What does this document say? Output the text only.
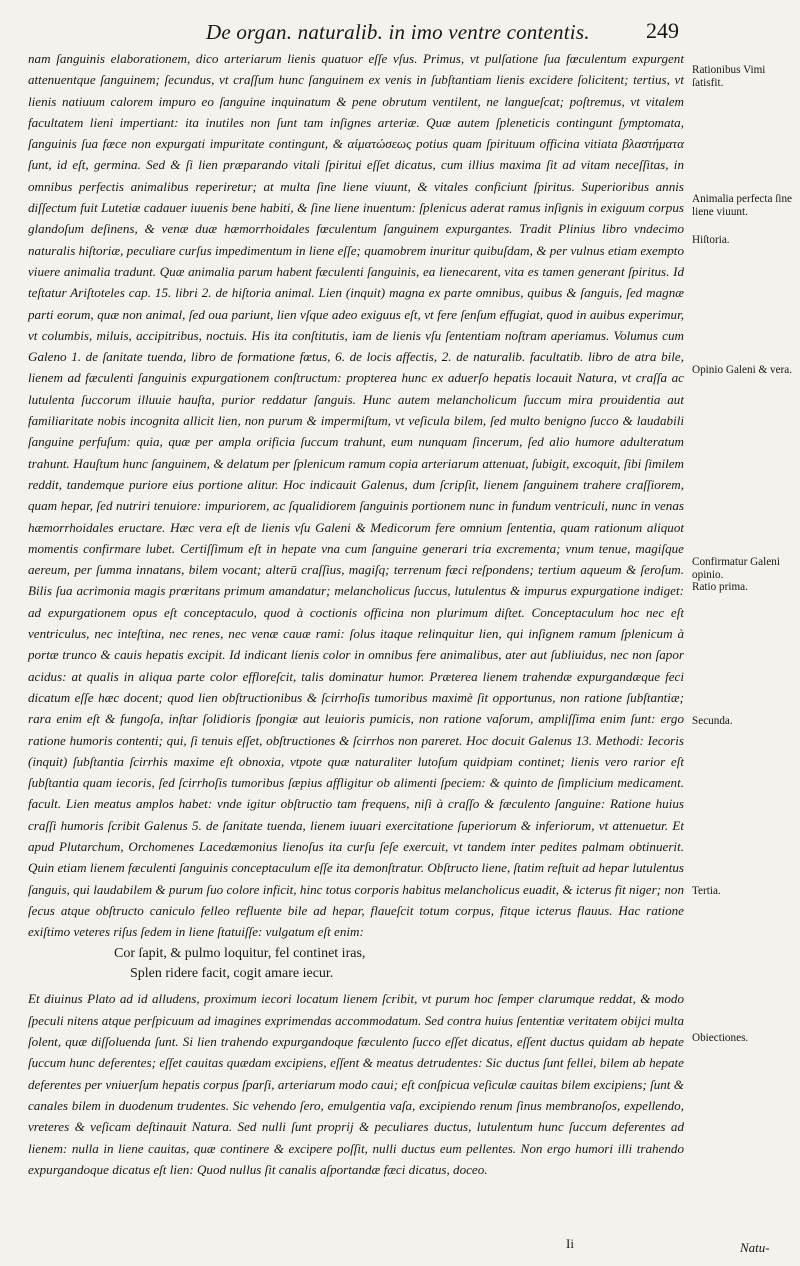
De organ. naturalib. in imo ventre contentis.	249

nam ſanguinis elaborationem, dico arteriarum lienis quatuor eſſe vſus. Primus, vt pulſatione ſua fœculentum expurgent attenuentque ſanguinem; ſecundus, vt craſſum hunc ſanguinem ex venis in ſubſtantiam lienis excidere ſolicitent; tertius, vt lienis natiuum calorem impuro eo ſanguine inquinatum & pene obrutum ventilent, ne langueſcat; poſtremus, vt vitalem facultatem lieni impertiant: ita inutiles non ſunt tam inſignes arteriæ. Quæ autem ſpleneticis contingunt ſymptomata, ſanguinis ſua fæce non expurgati impuritate contingunt, & αἱματώσεως potius quam ſpirituum officina vitiata βλαστήματα ſunt, id eſt, germina. Sed & ſi lien præparando vitali ſpiritui eſſet dicatus, cum illius maxima ſit ad vitam neceſſitas, in omnibus perfectis animalibus reperiretur; at multa ſine liene viuunt, & vitales conficiunt ſpiritus. Superioribus annis diſſectum fuit Lutetiæ cadauer iuuenis bene habiti, & ſine liene inuentum: ſplenicus aderat ramus inſignis in exiguum corpus glandoſum deſinens, & venæ duæ hæmorrhoidales fœculentum ſanguinem expurgantes. Tradit Plinius libro vndecimo naturalis hiſtoriæ, peculiare curſus impedimentum in liene eſſe; quamobrem inuritur quibuſdam, & per vulnus etiam exempto viuere animalia tradunt. Quæ animalia parum habent fæculenti ſanguinis, ea lienecarent, vita es tamen generant ſpiritus. Id teſtatur Ariſtoteles cap. 15. libri 2. de hiſtoria animal. Lien (inquit) magna ex parte omnibus, quibus & ſanguis, ſed magnæ parti eorum, quæ non animal, ſed oua pariunt, lien vſque adeo exiguus eſt, vt fere ſenſum effugiat, quod in auibus experimur, vt columbis, miluis, accipitribus, noctuis. His ita conſtitutis, iam de lienis vſu ſententiam noſtram aperiamus. Volumus cum Galeno 1. de ſanitate tuenda, libro de formatione fœtus, 6. de locis affectis, 2. de naturalib. facultatib. libro de atra bile, lienem ad fæculenti ſanguinis expurgationem conſtructum: propterea hunc ex aduerſo hepatis locauit Natura, vt craſſa ac lutulenta ſuccorum illuuie hauſta, purior reddatur ſanguis. Hunc autem melancholicum ſuccum mira prouidentia aut familiaritate nobis incognita allicit lien, non purum & impermiſtum, vt veſicula bilem, ſed multo benigno ſucco & laudabili ſanguine perfuſum: quia, quæ per ampla orificia ſuccum trahunt, eum nunquam ſincerum, ſed alio humore adulteratum trahunt. Hauſtum hunc ſanguinem, & delatum per ſplenicum ramum copia arteriarum attenuat, ſubigit, excoquit, ſibi ſimilem reddit, tandemque puriore eius portione alitur. Hoc indicauit Galenus, dum ſcripſit, lienem ſanguinem trahere craſſiorem, quam hepar, ſed nutriri tenuiore: impuriorem, ac ſqualidiorem ſanguinis portionem nunc in fundum ventriculi, nunc in venas hæmorrhoidales eructare. Hæc vera eſt de lienis vſu Galeni & Medicorum fere omnium ſententia, quam rationum aliquot momentis confirmare lubet. Certiſſimum eſt in hepate vna cum ſanguine generari tria excrementa; vnum tenue, magiſque aereum, per ſumma innatans, bilem vocant; alterū craſſius, magiſq; terrenum fæci reſpondens; tertium aqueum & ſeroſum. Bilis ſua acrimonia magis prœritans primum amandatur; melancholicus ſuccus, lutulentus & impurus expurgatione indiget: ad expurgationem opus eſt conceptaculo, quod à coctionis officina non plurimum diſtet. Conceptaculum hoc nec eſt ventriculus, nec inteſtina, nec renes, nec venæ cauæ rami: ſolus itaque relinquitur lien, qui inſignem ramum ſplenicum à portæ trunco & cauis hepatis excipit. Id indicant lienis color in omnibus fere animalibus, ater aut ſubliuidus, nec non ſapor acidus: at qualis in aliqua parte color effloreſcit, talis dominatur humor. Præterea lienem trahendæ expurgandæque feci dicatum eſſe hæc docent; quod lien obſtructionibus & ſcirrhoſis tumoribus maximè ſit opportunus, non ratione ſubſtantiæ; rara enim eſt & fungoſa, inſtar ſolidioris ſpongiæ aut leuioris pumicis, non ratione vaſorum, ampliſſima enim ſunt: ergo ratione humoris contenti; qui, ſi tenuis eſſet, obſtructiones & ſcirrhos non pareret. Hoc docuit Galenus 13. Methodi: Iecoris (inquit) ſubſtantia ſcirrhis maxime eſt obnoxia, vtpote quæ naturaliter lutoſum quidpiam continet; lienis vero rarior eſt ſubſtantia quam iecoris, ſed ſcirrhoſis tumoribus ſæpius affligitur ob alimenti ſpeciem: & quinto de ſimplicium medicament. facult. Lien meatus amplos habet: vnde igitur obſtructio tam frequens, niſi à craſſo & fæculento ſanguine: Ratione huius craſſi humoris ſcribit Galenus 5. de ſanitate tuenda, lienem iuuari exercitatione ſuperiorum & inferiorum, vt attenuetur. Et apud Plutarchum, Orchomenes Lacedæmonius lienoſus ita curſu ſeſe exercuit, vt tandem inter pedites palmam obtinuerit. Quin etiam lienem fæculenti ſanguinis conceptaculum eſſe ita demonſtratur. Obſtructo liene, ſtatim reſtuit ad hepar lutulentus ſanguis, qui laudabilem & purum ſuo colore inficit, hinc totus corporis habitus melancholicus euadit, & icterus fit niger; non ſecus atque obſtructo caniculo felleo refluente bile ad hepar, flaueſcit totum corpus, fitque icterus flauus. Hac ratione exiſtimo veteres riſus ſedem in liene ſtatuiſſe: vulgatum eſt enim:

Cor ſapit, & pulmo loquitur, fel continet iras,
Splen ridere facit, cogit amare iecur.

Et diuinus Plato ad id alludens, proximum iecori locatum lienem ſcribit, vt purum hoc ſemper clarumque reddat, & modo ſpeculi nitens atque perſpicuum ad imagines exprimendas accommodatum. Sed contra huius ſententiæ veritatem obijci multa ſolent, quæ diſſoluenda ſunt. Si lien trahendo expurgandoque fæculento ſucco eſſet dicatus, eſſent ductus quidam ab hepate ſuccum hunc deferentes; eſſet cauitas quædam excipiens, eſſent & meatus detrudentes: Sic ductus ſunt fellei, bilem ab hepate deferentes per vniuerſum hepatis corpus ſparſi, arteriarum modo caui; eſt conſpicua veſiculæ cauitas bilem excipiens; ſunt & canales bilem in duodenum trudentes. Sic vehendo ſero, emulgentia vaſa, excipiendo renum ſinus membranoſos, expellendo, vreteres & veſicam deſtinauit Natura. Sed nulli ſunt proprij & peculiares ductus, lutulentum hunc ſuccum deferentes ad lienem: nulla in liene cauitas, quæ continere & excipere poſſit, nulli ductus eum pellentes. Non ergo humori illi trahendo expurgandoque dicatus eſt lien: Quod nullus ſit canalis aſportandæ fæci dicatus, doceo.

Rationibus Vimi ſatisfit.
Animalia perfecta ſine liene viuunt.
Hiſtoria.
Opinio Galeni & vera.
Confirmatur Galeni opinio.
Ratio prima.
Secunda.
Tertia.
Obiectiones.
Ii	Natu-
